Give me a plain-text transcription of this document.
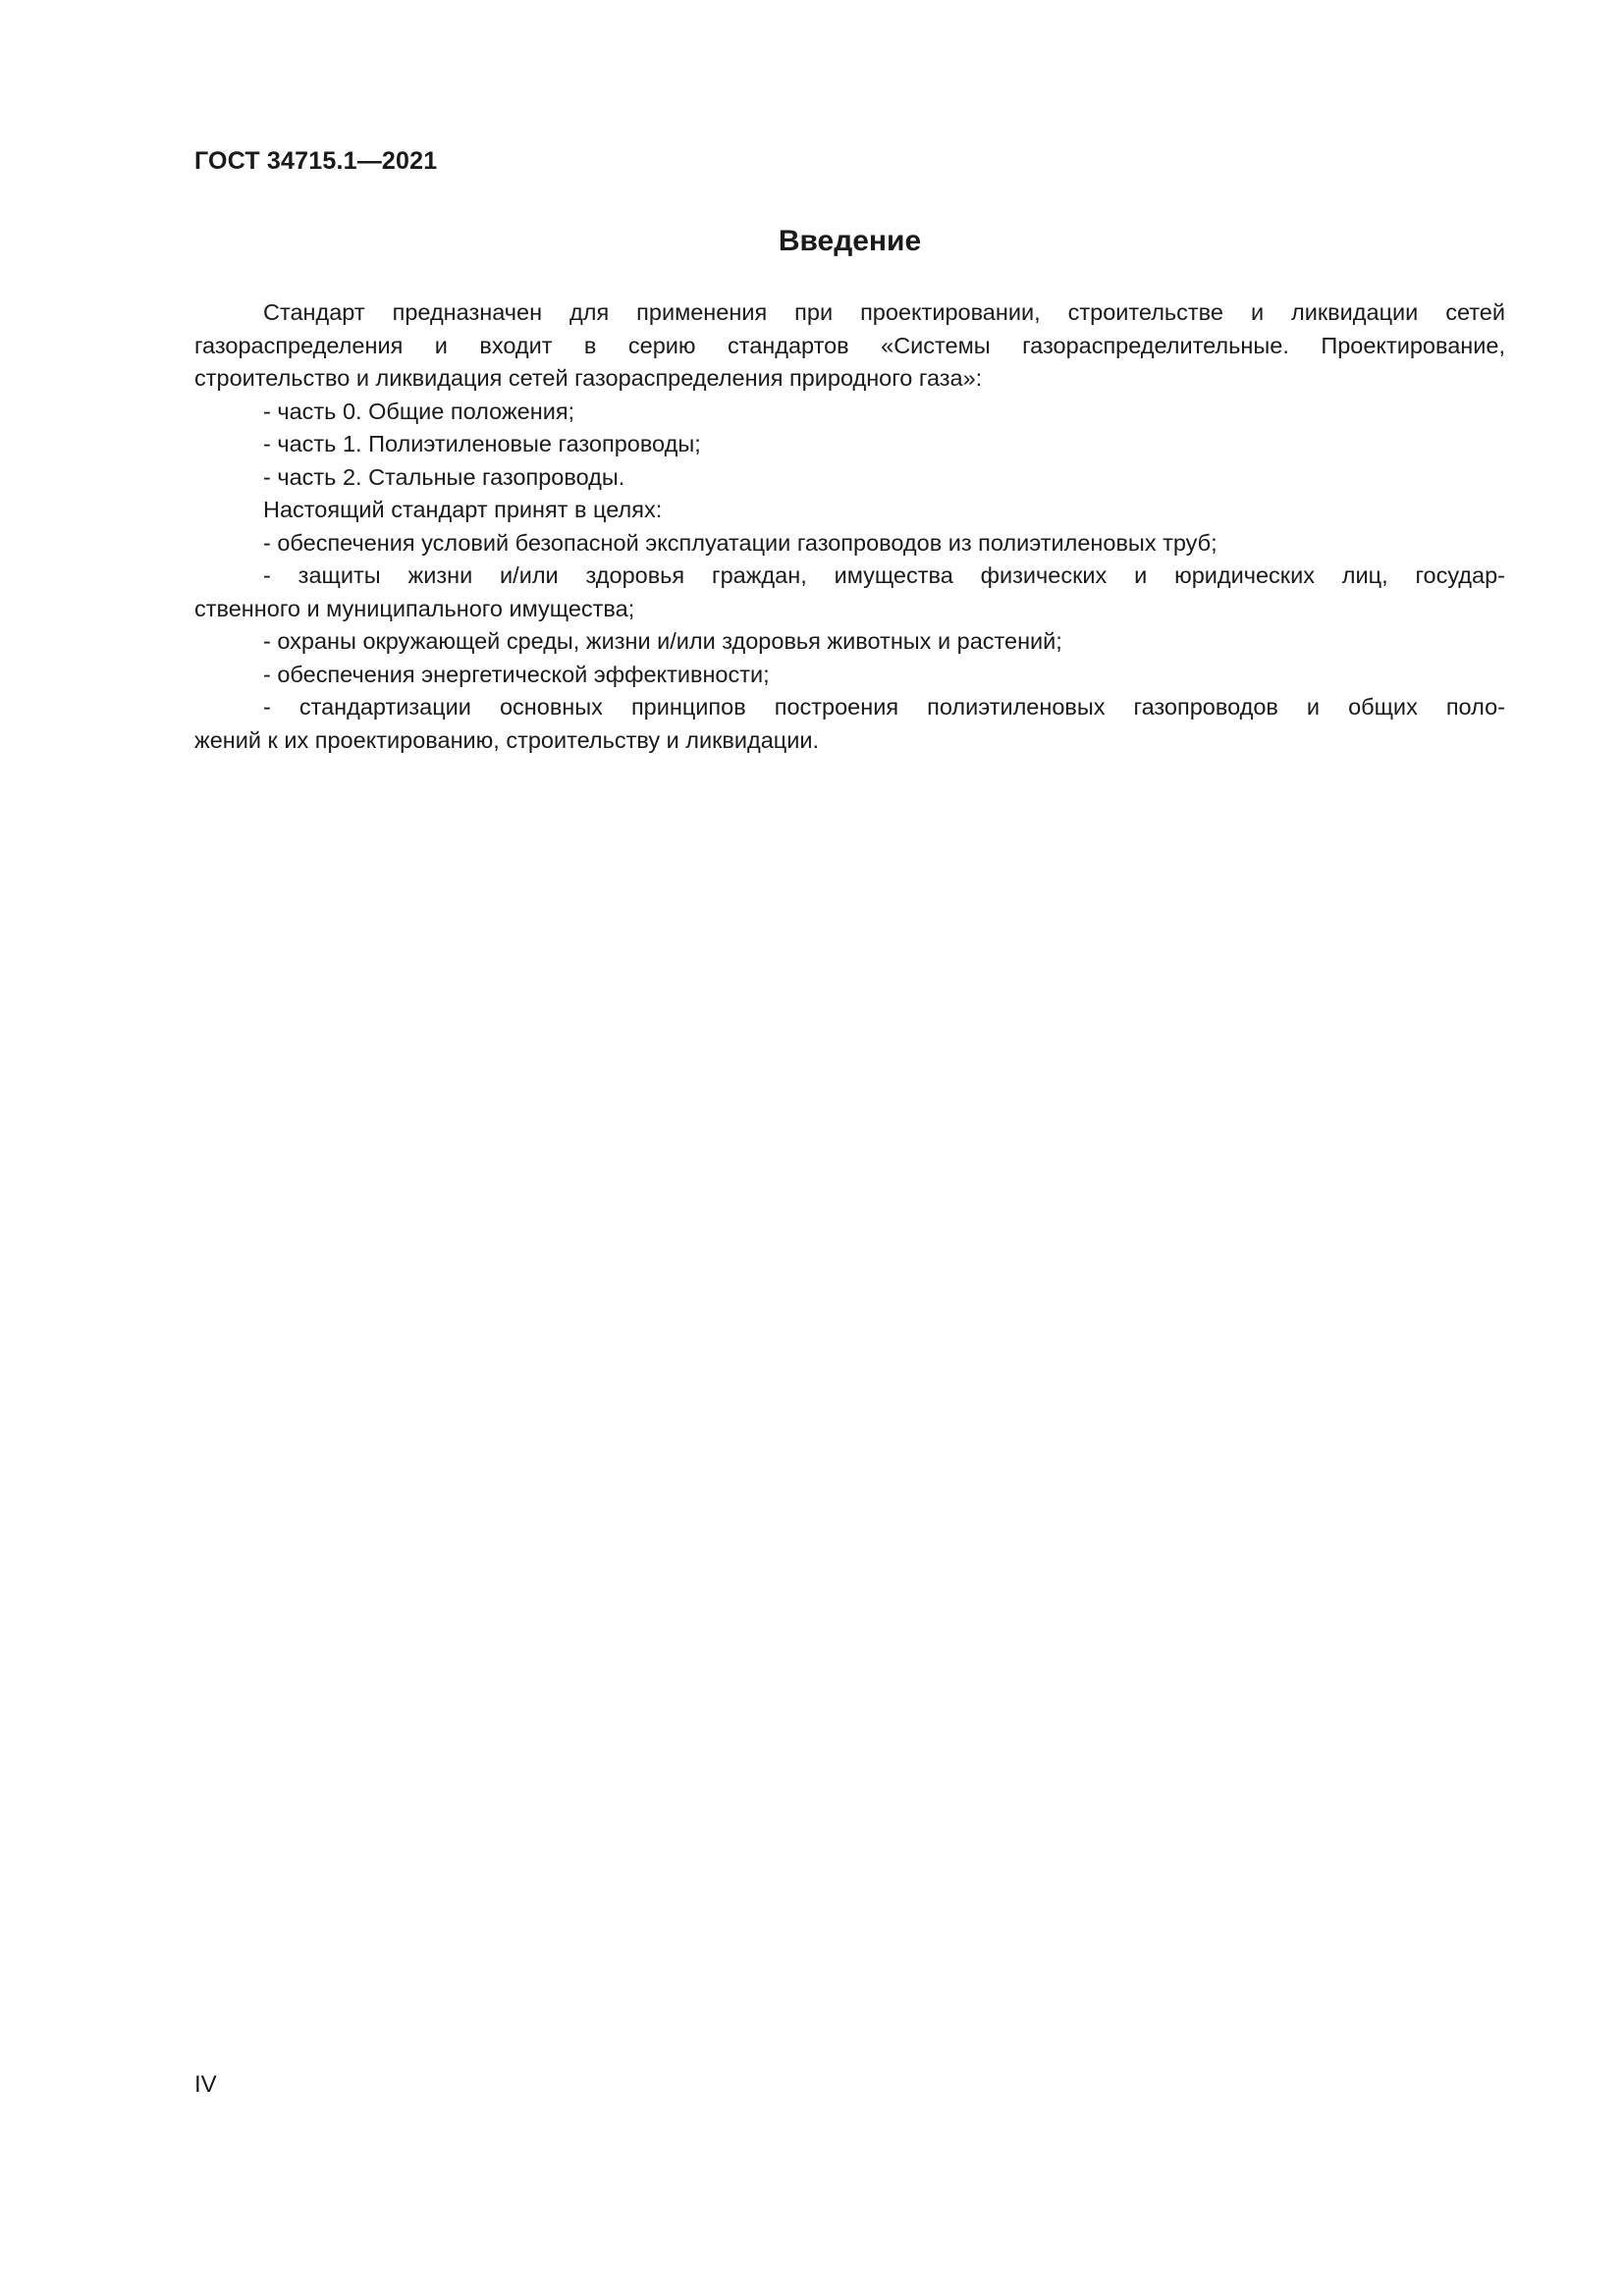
ГОСТ 34715.1—2021
Введение
Стандарт предназначен для применения при проектировании, строительстве и ликвидации сетей
газораспределения и входит в серию стандартов «Системы газораспределительные. Проектирование,
строительство и ликвидация сетей газораспределения природного газа»:
- часть 0. Общие положения;
- часть 1. Полиэтиленовые газопроводы;
- часть 2. Стальные газопроводы.
Настоящий стандарт принят в целях:
- обеспечения условий безопасной эксплуатации газопроводов из полиэтиленовых труб;
- защиты жизни и/или здоровья граждан, имущества физических и юридических лиц, государ-
ственного и муниципального имущества;
- охраны окружающей среды, жизни и/или здоровья животных и растений;
- обеспечения энергетической эффективности;
- стандартизации основных принципов построения полиэтиленовых газопроводов и общих поло-
жений к их проектированию, строительству и ликвидации.
IV
